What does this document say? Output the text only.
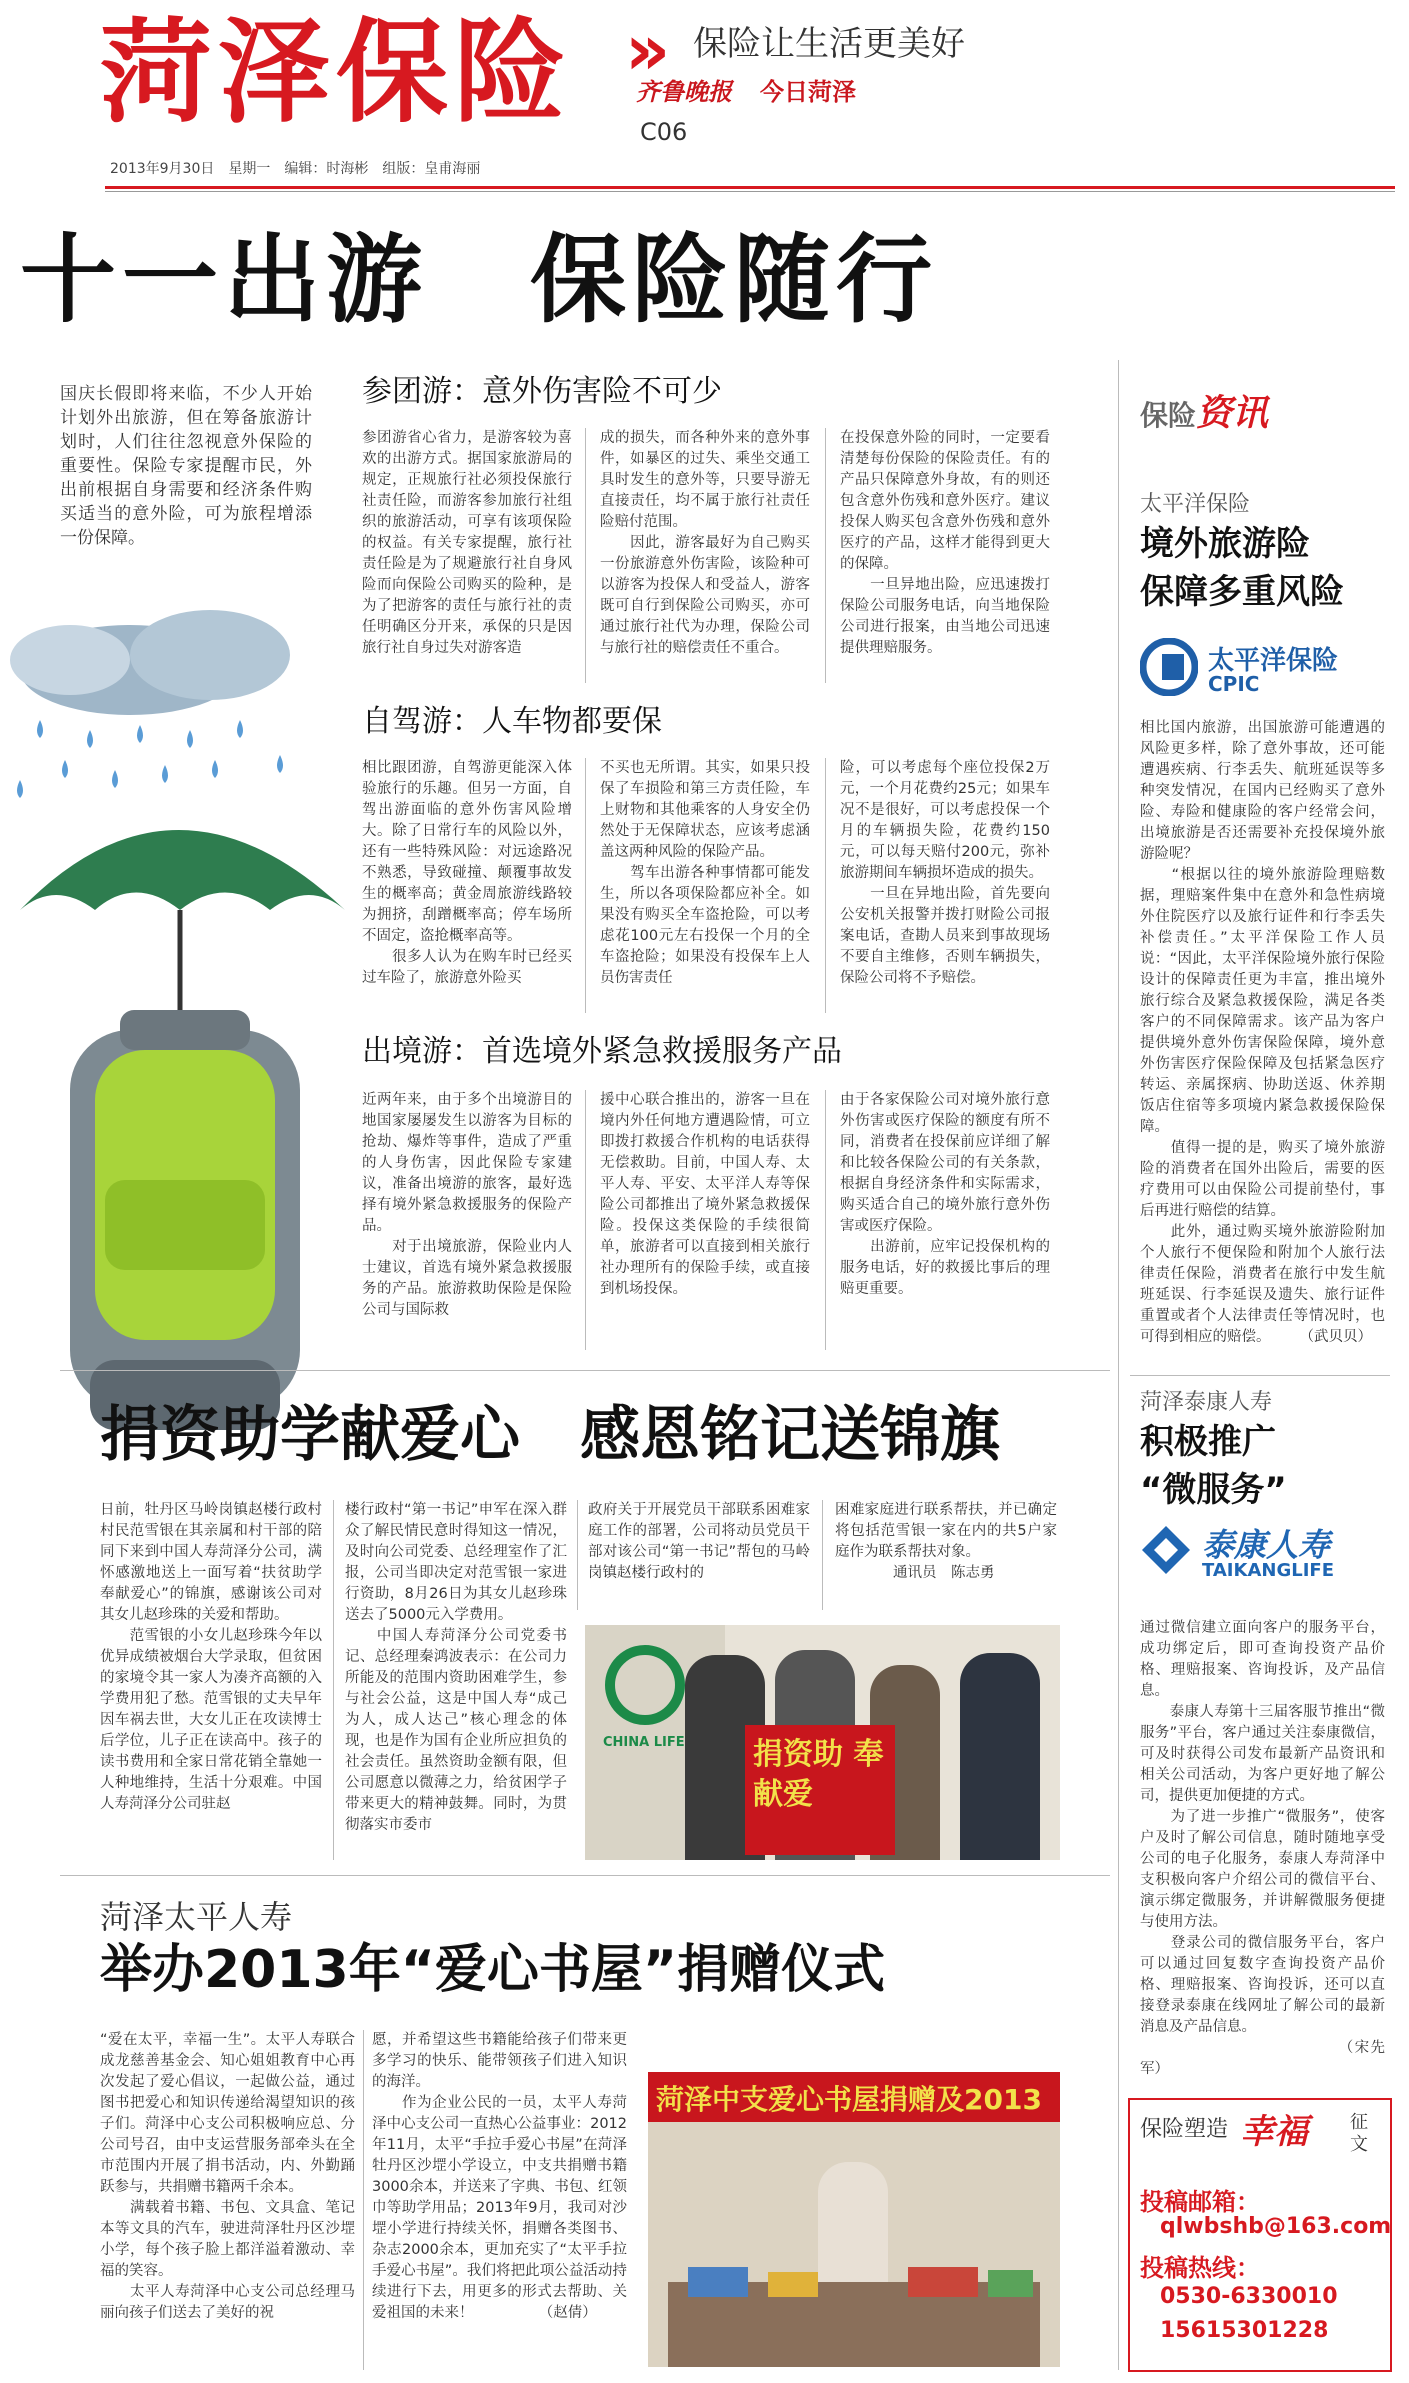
菏泽保险 » 保险让生活更美好
齐鲁晚报 今日菏泽
C06
2013年9月30日　星期一　编辑：时海彬　组版：皇甫海丽
十一出游　保险随行
国庆长假即将来临，不少人开始计划外出旅游，但在筹备旅游计划时，人们往往忽视意外保险的重要性。保险专家提醒市民，外出前根据自身需要和经济条件购买适当的意外险，可为旅程增添一份保障。
参团游：意外伤害险不可少
参团游省心省力，是游客较为喜欢的出游方式。据国家旅游局的规定，正规旅行社必须投保旅行社责任险，而游客参加旅行社组织的旅游活动，可享有该项保险的权益。有关专家提醒，旅行社责任险是为了规避旅行社自身风险而向保险公司购买的险种，是为了把游客的责任与旅行社的责任明确区分开来，承保的只是因旅行社自身过失对游客造
成的损失，而各种外来的意外事件，如暴区的过失、乘坐交通工具时发生的意外等，只要导游无直接责任，均不属于旅行社责任险赔付范围。
　　因此，游客最好为自己购买一份旅游意外伤害险，该险种可以游客为投保人和受益人，游客既可自行到保险公司购买，亦可通过旅行社代为办理，保险公司与旅行社的赔偿责任不重合。
在投保意外险的同时，一定要看清楚每份保险的保险责任。有的产品只保障意外身故，有的则还包含意外伤残和意外医疗。建议投保人购买包含意外伤残和意外医疗的产品，这样才能得到更大的保障。
　　一旦异地出险，应迅速拨打保险公司服务电话，向当地保险公司进行报案，由当地公司迅速提供理赔服务。
自驾游：人车物都要保
相比跟团游，自驾游更能深入体验旅行的乐趣。但另一方面，自驾出游面临的意外伤害风险增大。除了日常行车的风险以外，还有一些特殊风险：对远途路况不熟悉，导致碰撞、颠覆事故发生的概率高；黄金周旅游线路较为拥挤，刮蹭概率高；停车场所不固定，盗抢概率高等。
　　很多人认为在购车时已经买过车险了，旅游意外险买
不买也无所谓。其实，如果只投保了车损险和第三方责任险，车上财物和其他乘客的人身安全仍然处于无保障状态，应该考虑涵盖这两种风险的保险产品。
　　驾车出游各种事情都可能发生，所以各项保险都应补全。如果没有购买全车盗抢险，可以考虑花100元左右投保一个月的全车盗抢险；如果没有投保车上人员伤害责任
险，可以考虑每个座位投保2万元，一个月花费约25元；如果车况不是很好，可以考虑投保一个月的车辆损失险，花费约150元，可以每天赔付200元，弥补旅游期间车辆损坏造成的损失。
　　一旦在异地出险，首先要向公安机关报警并拨打财险公司报案电话，查勘人员来到事故现场不要自主维修，否则车辆损失，保险公司将不予赔偿。
出境游：首选境外紧急救援服务产品
近两年来，由于多个出境游目的地国家屡屡发生以游客为目标的抢劫、爆炸等事件，造成了严重的人身伤害，因此保险专家建议，准备出境游的旅客，最好选择有境外紧急救援服务的保险产品。
　　对于出境旅游，保险业内人士建议，首选有境外紧急救援服务的产品。旅游救助保险是保险公司与国际救
援中心联合推出的，游客一旦在境内外任何地方遭遇险情，可立即拨打救援合作机构的电话获得无偿救助。目前，中国人寿、太平人寿、平安、太平洋人寿等保险公司都推出了境外紧急救援保险。投保这类保险的手续很简单，旅游者可以直接到相关旅行社办理所有的保险手续，或直接到机场投保。
由于各家保险公司对境外旅行意外伤害或医疗保险的额度有所不同，消费者在投保前应详细了解和比较各保险公司的有关条款，根据自身经济条件和实际需求，购买适合自己的境外旅行意外伤害或医疗保险。
　　出游前，应牢记投保机构的服务电话，好的救援比事后的理赔更重要。
保险资讯
太平洋保险
境外旅游险
保障多重风险
太平洋保险
CPIC
相比国内旅游，出国旅游可能遭遇的风险更多样，除了意外事故，还可能遭遇疾病、行李丢失、航班延误等多种突发情况，在国内已经购买了意外险、寿险和健康险的客户经常会问，出境旅游是否还需要补充投保境外旅游险呢？
　　“根据以往的境外旅游险理赔数据，理赔案件集中在意外和急性病境外住院医疗以及旅行证件和行李丢失补偿责任。”太平洋保险工作人员说：“因此，太平洋保险境外旅行保险设计的保障责任更为丰富，推出境外旅行综合及紧急救援保险，满足各类客户的不同保障需求。该产品为客户提供境外意外伤害保险保障，境外意外伤害医疗保险保障及包括紧急医疗转运、亲属探病、协助送返、休养期饭店住宿等多项境内紧急救援保险保障。
　　值得一提的是，购买了境外旅游险的消费者在国外出险后，需要的医疗费用可以由保险公司提前垫付，事后再进行赔偿的结算。
　　此外，通过购买境外旅游险附加个人旅行不便保险和附加个人旅行法律责任保险，消费者在旅行中发生航班延误、行李延误及遗失、旅行证件重置或者个人法律责任等情况时，也可得到相应的赔偿。　　　（武贝贝）
菏泽泰康人寿
积极推广
“微服务”
泰康人寿
TAIKANGLIFE
通过微信建立面向客户的服务平台，成功绑定后，即可查询投资产品价格、理赔报案、咨询投诉，及产品信息。
　　泰康人寿第十三届客服节推出“微服务”平台，客户通过关注泰康微信，可及时获得公司发布最新产品资讯和相关公司活动，为客户更好地了解公司，提供更加便捷的方式。
　　为了进一步推广“微服务”，使客户及时了解公司信息，随时随地享受公司的电子化服务，泰康人寿菏泽中支积极向客户介绍公司的微信平台、演示绑定微服务，并讲解微服务便捷与使用方法。
　　登录公司的微信服务平台，客户可以通过回复数字查询投资产品价格、理赔报案、咨询投诉，还可以直接登录泰康在线网址了解公司的最新消息及产品信息。
　　　　　　　　　　　　　（宋先军）
保险塑造 幸福 征文
投稿邮箱：
qlwbshb@163.com
投稿热线：
0530-6330010
15615301228
捐资助学献爱心　感恩铭记送锦旗
日前，牡丹区马岭岗镇赵楼行政村村民范雪银在其亲属和村干部的陪同下来到中国人寿菏泽分公司，满怀感激地送上一面写着“扶贫助学奉献爱心”的锦旗，感谢该公司对其女儿赵珍珠的关爱和帮助。
　　范雪银的小女儿赵珍珠今年以优异成绩被烟台大学录取，但贫困的家境令其一家人为凑齐高额的入学费用犯了愁。范雪银的丈夫早年因车祸去世，大女儿正在攻读博士后学位，儿子正在读高中。孩子的读书费用和全家日常花销全靠她一人种地维持，生活十分艰难。中国人寿菏泽分公司驻赵
楼行政村“第一书记”申军在深入群众了解民情民意时得知这一情况，及时向公司党委、总经理室作了汇报，公司当即决定对范雪银一家进行资助，8月26日为其女儿赵珍珠送去了5000元入学费用。
　　中国人寿菏泽分公司党委书记、总经理秦鸿波表示：在公司力所能及的范围内资助困难学生，参与社会公益，这是中国人寿“成己为人，成人达己”核心理念的体现，也是作为国有企业所应担负的社会责任。虽然资助金额有限，但公司愿意以微薄之力，给贫困学子带来更大的精神鼓舞。同时，为贯彻落实市委市
政府关于开展党员干部联系困难家庭工作的部署，公司将动员党员干部对该公司“第一书记”帮包的马岭岗镇赵楼行政村的
困难家庭进行联系帮扶，并已确定将包括范雪银一家在内的共5户家庭作为联系帮扶对象。
　　　　通讯员　陈志勇
CHINA LIFE 捐资助 奉献爱
菏泽太平人寿
举办2013年“爱心书屋”捐赠仪式
“爱在太平，幸福一生”。太平人寿联合成龙慈善基金会、知心姐姐教育中心再次发起了爱心倡议，一起做公益，通过图书把爱心和知识传递给渴望知识的孩子们。菏泽中心支公司积极响应总、分公司号召，由中支运营服务部牵头在全市范围内开展了捐书活动，内、外勤踊跃参与，共捐赠书籍两千余本。
　　满载着书籍、书包、文具盒、笔记本等文具的汽车，驶进菏泽牡丹区沙堽小学，每个孩子脸上都洋溢着激动、幸福的笑容。
　　太平人寿菏泽中心支公司总经理马丽向孩子们送去了美好的祝
愿，并希望这些书籍能给孩子们带来更多学习的快乐、能带领孩子们进入知识的海洋。
　　作为企业公民的一员，太平人寿菏泽中心支公司一直热心公益事业：2012年11月，太平“手拉手爱心书屋”在菏泽牡丹区沙堽小学设立，中支共捐赠书籍3000余本，并送来了字典、书包、红领巾等助学用品；2013年9月，我司对沙堽小学进行持续关怀，捐赠各类图书、杂志2000余本，更加充实了“太平手拉手爱心书屋”。我们将把此项公益活动持续进行下去，用更多的形式去帮助、关爱祖国的未来！　　　　　（赵倩）
菏泽中支爱心书屋捐赠及2013
